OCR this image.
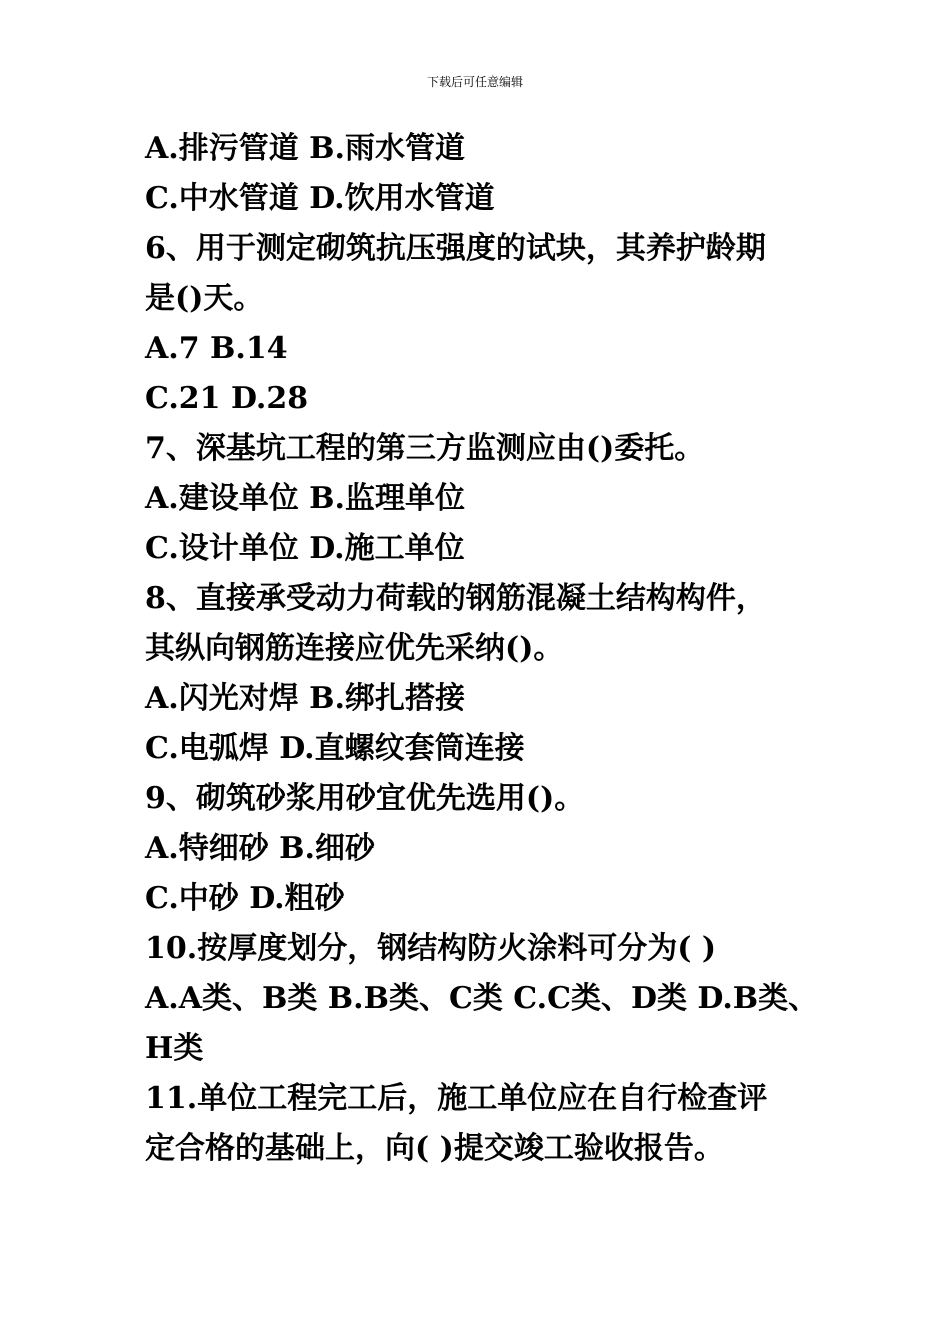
下载后可任意编辑
A.排污管道 B.雨水管道
C.中水管道 D.饮用水管道
6、用于测定砌筑抗压强度的试块，其养护龄期
是()天。
A.7 B.14
C.21 D.28
7、深基坑工程的第三方监测应由()委托。
A.建设单位 B.监理单位
C.设计单位 D.施工单位
8、直接承受动力荷载的钢筋混凝土结构构件，
其纵向钢筋连接应优先采纳()。
A.闪光对焊 B.绑扎搭接
C.电弧焊 D.直螺纹套筒连接
9、砌筑砂浆用砂宜优先选用()。
A.特细砂 B.细砂
C.中砂 D.粗砂
10.按厚度划分，钢结构防火涂料可分为( )
A.A类、B类 B.B类、C类 C.C类、D类 D.B类、
H类
11.单位工程完工后，施工单位应在自行检查评
定合格的基础上，向( )提交竣工验收报告。
